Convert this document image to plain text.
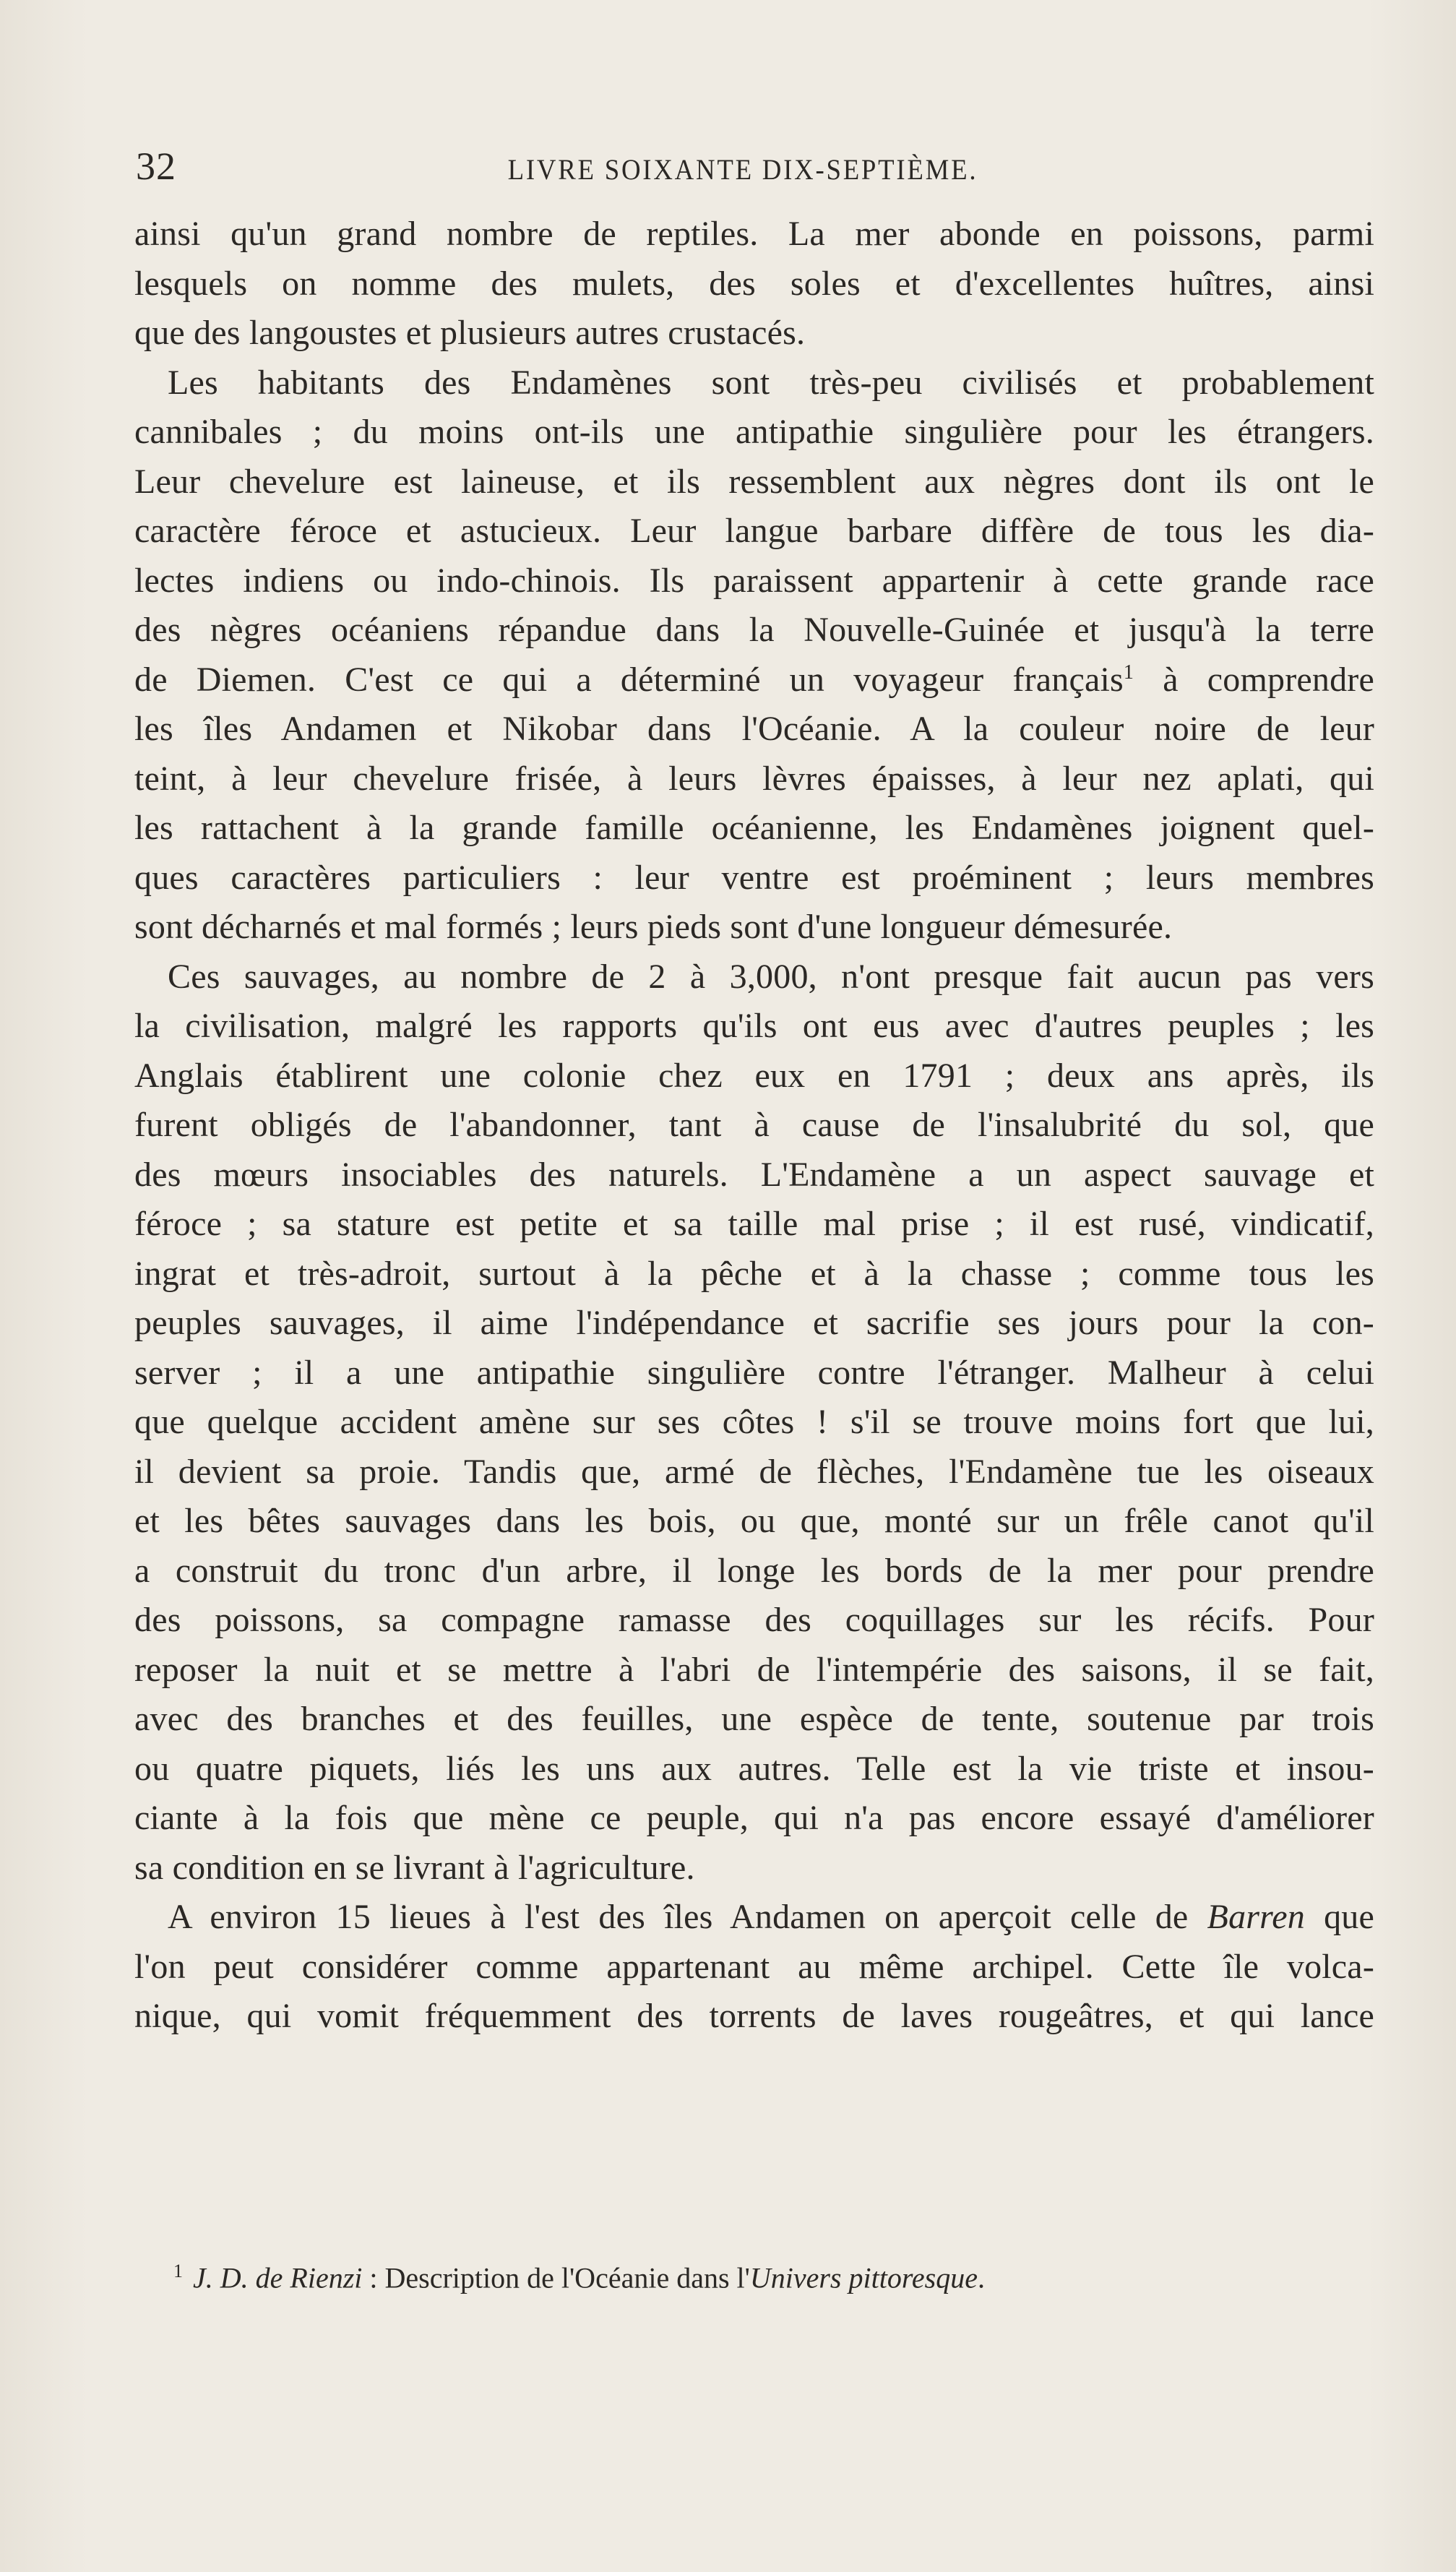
32	LIVRE SOIXANTE DIX-SEPTIÈME.
ainsi qu'un grand nombre de reptiles. La mer abonde en poissons, parmi
lesquels on nomme des mulets, des soles et d'excellentes huîtres, ainsi
que des langoustes et plusieurs autres crustacés.
Les habitants des Endamènes sont très-peu civilisés et probablement
cannibales ; du moins ont-ils une antipathie singulière pour les étrangers.
Leur chevelure est laineuse, et ils ressemblent aux nègres dont ils ont le
caractère féroce et astucieux. Leur langue barbare diffère de tous les dia-
lectes indiens ou indo-chinois. Ils paraissent appartenir à cette grande race
des nègres océaniens répandue dans la Nouvelle-Guinée et jusqu'à la terre
de Diemen. C'est ce qui a déterminé un voyageur français$^1$ à comprendre
les îles Andamen et Nikobar dans l'Océanie. A la couleur noire de leur
teint, à leur chevelure frisée, à leurs lèvres épaisses, à leur nez aplati, qui
les rattachent à la grande famille océanienne, les Endamènes joignent quel-
ques caractères particuliers : leur ventre est proéminent ; leurs membres
sont décharnés et mal formés ; leurs pieds sont d'une longueur démesurée.
Ces sauvages, au nombre de 2 à 3,000, n'ont presque fait aucun pas vers
la civilisation, malgré les rapports qu'ils ont eus avec d'autres peuples ; les
Anglais établirent une colonie chez eux en 1791 ; deux ans après, ils
furent obligés de l'abandonner, tant à cause de l'insalubrité du sol, que
des mœurs insociables des naturels. L'Endamène a un aspect sauvage et
féroce ; sa stature est petite et sa taille mal prise ; il est rusé, vindicatif,
ingrat et très-adroit, surtout à la pêche et à la chasse ; comme tous les
peuples sauvages, il aime l'indépendance et sacrifie ses jours pour la con-
server ; il a une antipathie singulière contre l'étranger. Malheur à celui
que quelque accident amène sur ses côtes ! s'il se trouve moins fort que lui,
il devient sa proie. Tandis que, armé de flèches, l'Endamène tue les oiseaux
et les bêtes sauvages dans les bois, ou que, monté sur un frêle canot qu'il
a construit du tronc d'un arbre, il longe les bords de la mer pour prendre
des poissons, sa compagne ramasse des coquillages sur les récifs. Pour
reposer la nuit et se mettre à l'abri de l'intempérie des saisons, il se fait,
avec des branches et des feuilles, une espèce de tente, soutenue par trois
ou quatre piquets, liés les uns aux autres. Telle est la vie triste et insou-
ciante à la fois que mène ce peuple, qui n'a pas encore essayé d'améliorer
sa condition en se livrant à l'agriculture.
A environ 15 lieues à l'est des îles Andamen on aperçoit celle de Barren que
l'on peut considérer comme appartenant au même archipel. Cette île volca-
nique, qui vomit fréquemment des torrents de laves rougeâtres, et qui lance
$^1$ J. D. de Rienzi : Description de l'Océanie dans l'Univers pittoresque.
